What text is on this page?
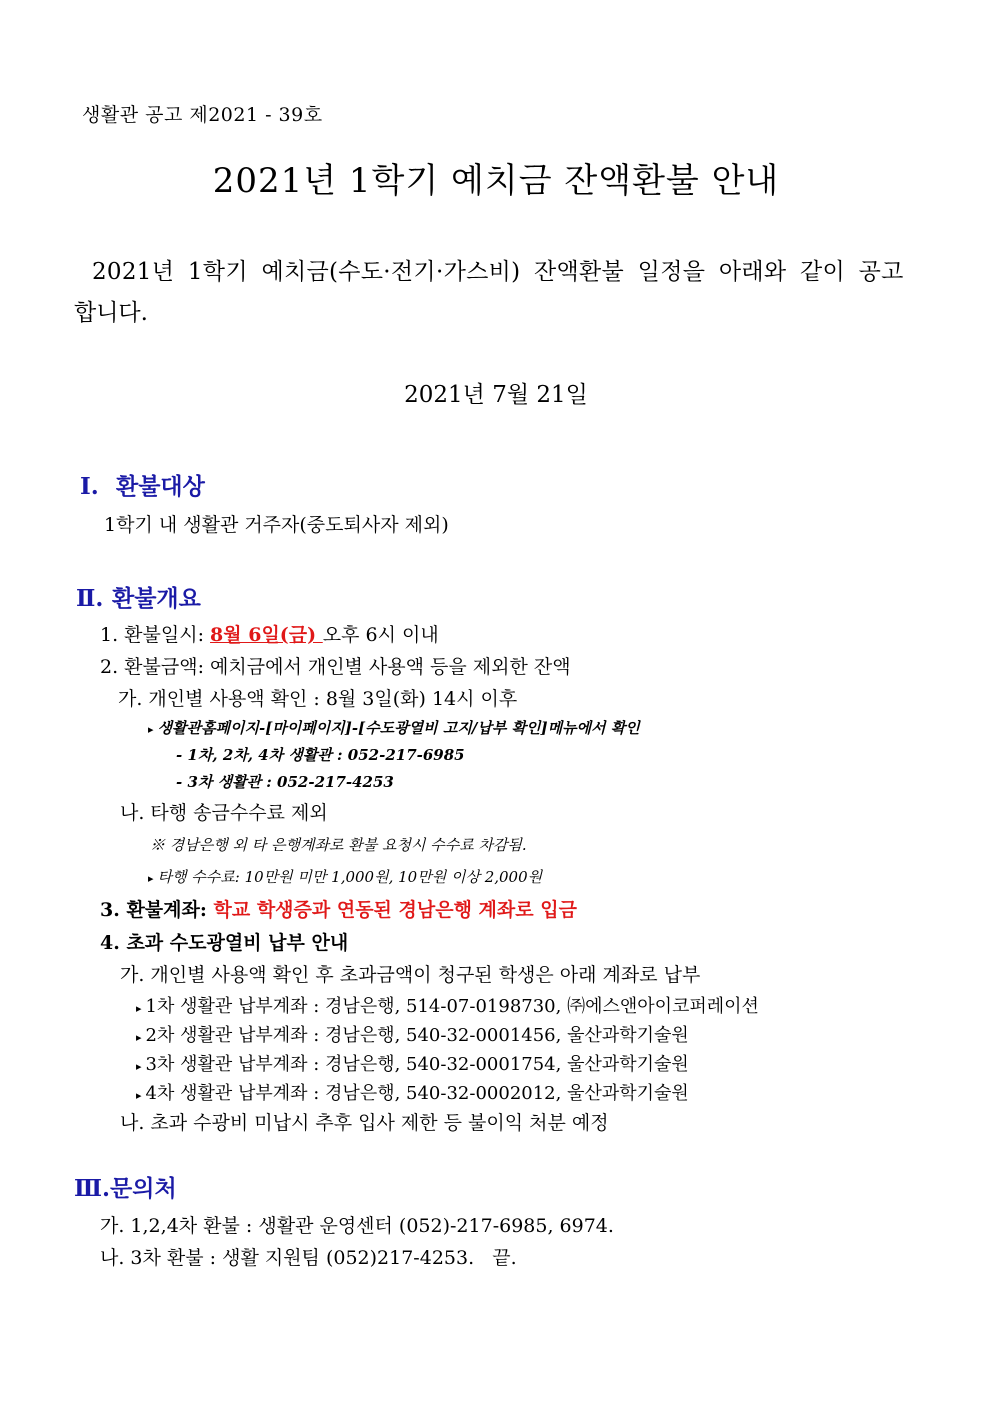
생활관 공고 제2021 - 39호
2021년 1학기 예치금 잔액환불 안내
2021년 1학기 예치금(수도·전기·가스비) 잔액환불 일정을 아래와 같이 공고
합니다.
2021년 7월 21일
Ⅰ. 환불대상
1학기 내 생활관 거주자(중도퇴사자 제외)
Ⅱ. 환불개요
1. 환불일시: 8월 6일(금) 오후 6시 이내
2. 환불금액: 예치금에서 개인별 사용액 등을 제외한 잔액
가. 개인별 사용액 확인 : 8월 3일(화) 14시 이후
▸ 생활관홈페이지-[마이페이지]-[수도광열비 고지/납부 확인]메뉴에서 확인
- 1차, 2차, 4차 생활관 : 052-217-6985
- 3차 생활관 : 052-217-4253
나. 타행 송금수수료 제외
※ 경남은행 외 타 은행계좌로 환불 요청시 수수료 차감됨.
▸ 타행 수수료: 10만원 미만 1,000원, 10만원 이상 2,000원
3. 환불계좌: 학교 학생증과 연동된 경남은행 계좌로 입금
4. 초과 수도광열비 납부 안내
가. 개인별 사용액 확인 후 초과금액이 청구된 학생은 아래 계좌로 납부
▸ 1차 생활관 납부계좌 : 경남은행, 514-07-0198730, ㈜에스앤아이코퍼레이션
▸ 2차 생활관 납부계좌 : 경남은행, 540-32-0001456, 울산과학기술원
▸ 3차 생활관 납부계좌 : 경남은행, 540-32-0001754, 울산과학기술원
▸ 4차 생활관 납부계좌 : 경남은행, 540-32-0002012, 울산과학기술원
나. 초과 수광비 미납시 추후 입사 제한 등 불이익 처분 예정
Ⅲ.문의처
가. 1,2,4차 환불 : 생활관 운영센터 (052)-217-6985, 6974.
나. 3차 환불 : 생활 지원팀 (052)217-4253.   끝.
